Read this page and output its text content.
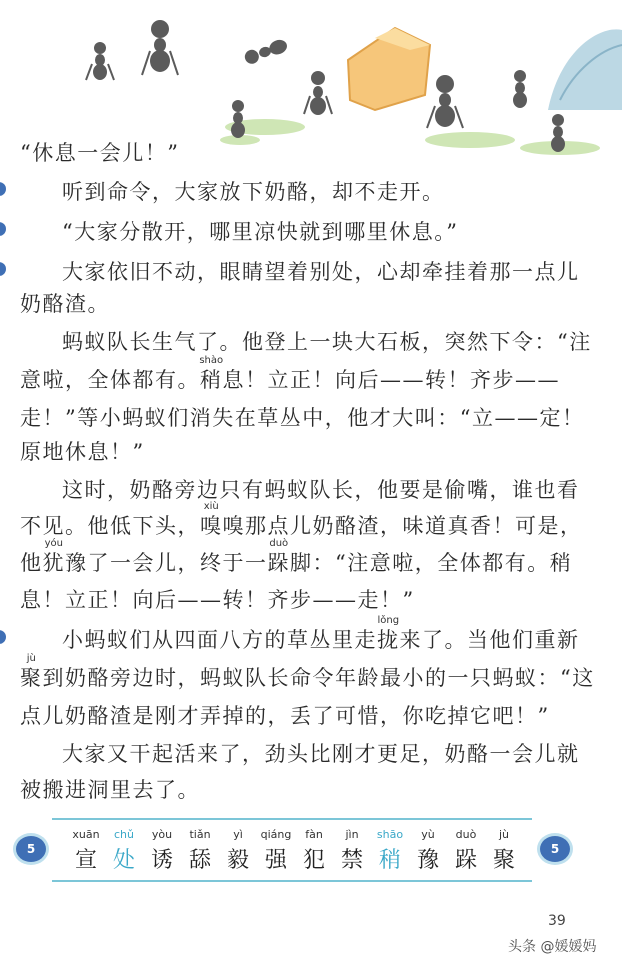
“休息一会儿！”
听到命令，大家放下奶酪，却不走开。
“大家分散开，哪里凉快就到哪里休息。”
大家依旧不动，眼睛望着别处，心却牵挂着那一点儿
奶酪渣。
蚂蚁队长生气了。他登上一块大石板，突然下令：“注
意啦，全体都有。
shào
稍息！立正！向后——转！齐步——
走！”等小蚂蚁们消失在草丛中，他才大叫：“立——定！
原地休息！”
这时，奶酪旁边只有蚂蚁队长，他要是偷嘴，谁也看
不见。他低下头，
xiù
嗅嗅那点儿奶酪渣，味道真香！可是，
他
yóu
犹豫了一会儿，终于一
duò
跺脚：“注意啦，全体都有。稍
息！立正！向后——转！齐步——走！”
小蚂蚁们从四面八方的草丛里走
lǒng
拢来了。当他们重新
jù
聚到奶酪旁边时，蚂蚁队长命令年龄最小的一只蚂蚁：“这
点儿奶酪渣是刚才弄掉的，丢了可惜，你吃掉它吧！”
大家又干起活来了，劲头比刚才更足，奶酪一会儿就
被搬进洞里去了。
5
xuān
宣
chǔ
处
yòu
诱
tiǎn
舔
yì
毅
qiáng
强
fàn
犯
jìn
禁
shāo
稍
yù
豫
duò
跺
jù
聚	5
39
头条 @媛媛妈
